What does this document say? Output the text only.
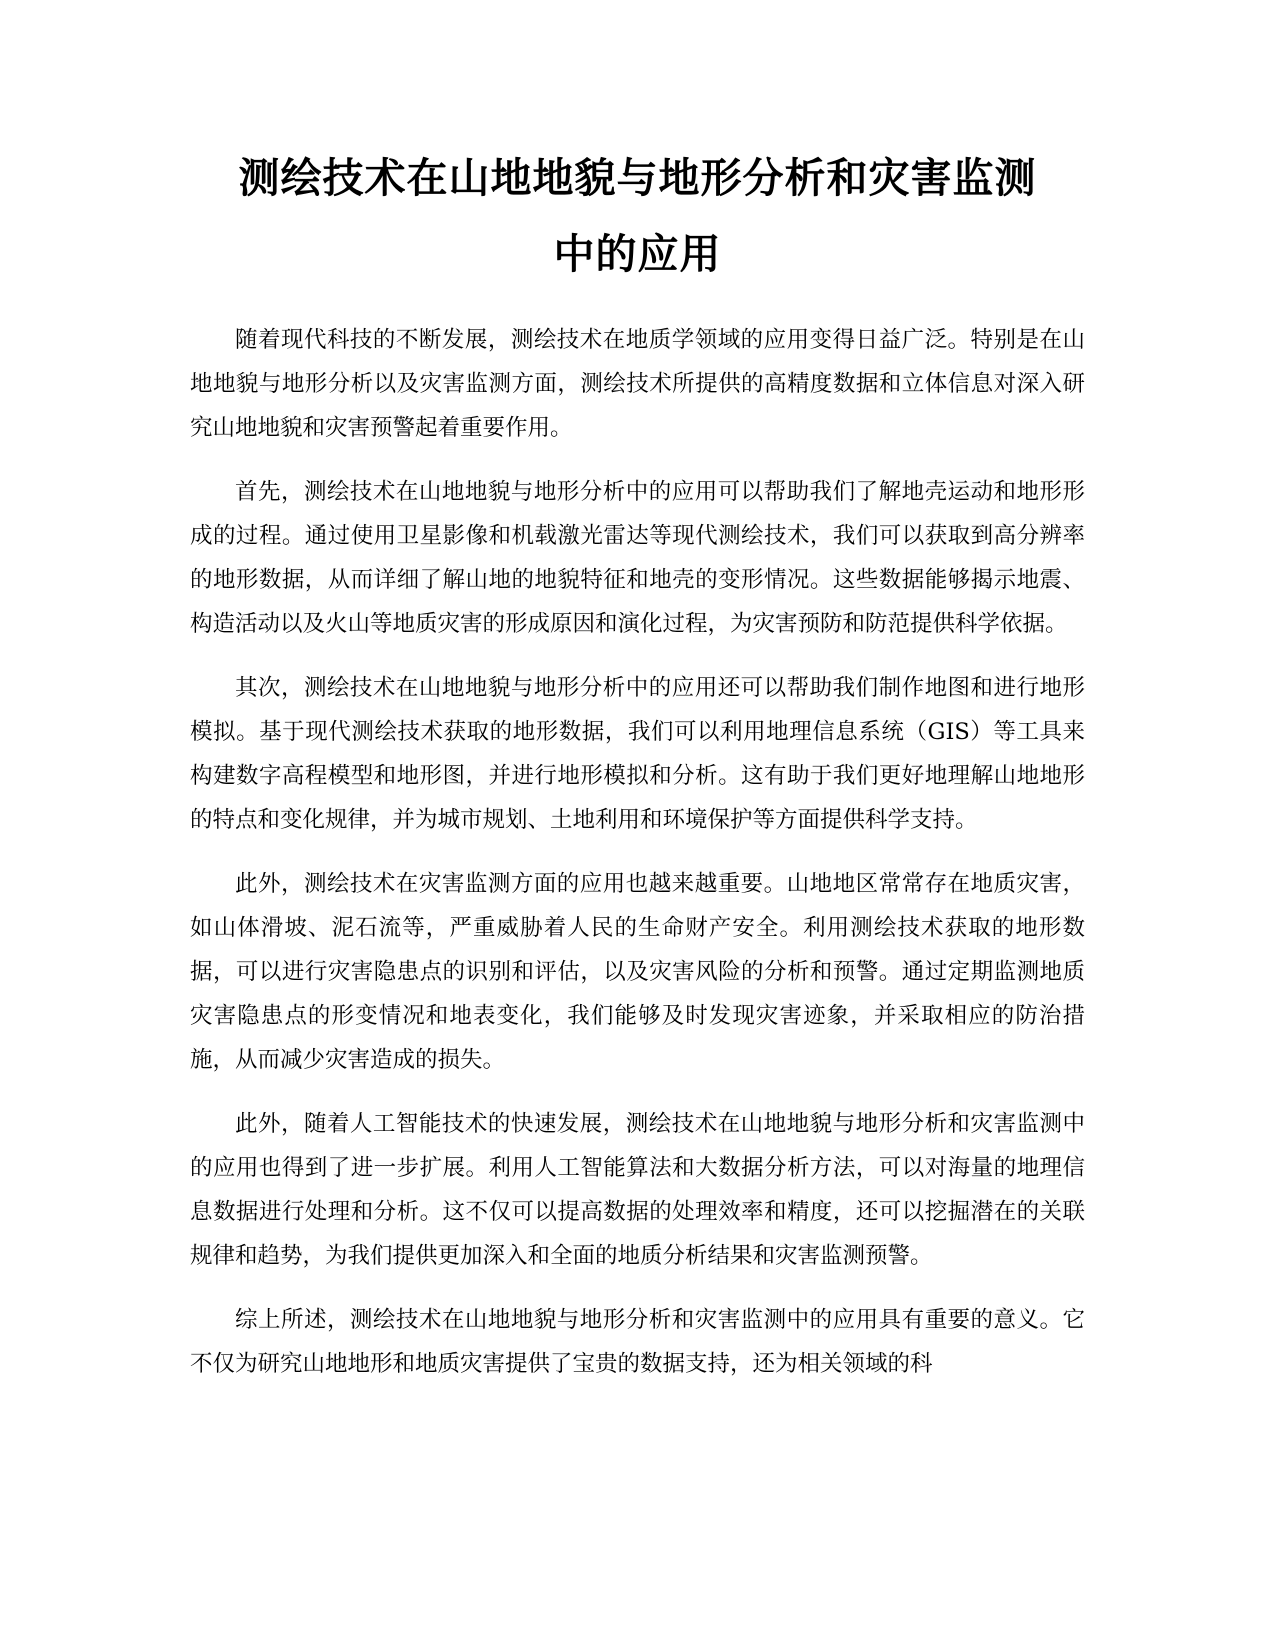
测绘技术在山地地貌与地形分析和灾害监测
中的应用

随着现代科技的不断发展，测绘技术在地质学领域的应用变得日益广泛。特别是在山地地貌与地形分析以及灾害监测方面，测绘技术所提供的高精度数据和立体信息对深入研究山地地貌和灾害预警起着重要作用。

首先，测绘技术在山地地貌与地形分析中的应用可以帮助我们了解地壳运动和地形形成的过程。通过使用卫星影像和机载激光雷达等现代测绘技术，我们可以获取到高分辨率的地形数据，从而详细了解山地的地貌特征和地壳的变形情况。这些数据能够揭示地震、构造活动以及火山等地质灾害的形成原因和演化过程，为灾害预防和防范提供科学依据。

其次，测绘技术在山地地貌与地形分析中的应用还可以帮助我们制作地图和进行地形模拟。基于现代测绘技术获取的地形数据，我们可以利用地理信息系统（GIS）等工具来构建数字高程模型和地形图，并进行地形模拟和分析。这有助于我们更好地理解山地地形的特点和变化规律，并为城市规划、土地利用和环境保护等方面提供科学支持。

此外，测绘技术在灾害监测方面的应用也越来越重要。山地地区常常存在地质灾害，如山体滑坡、泥石流等，严重威胁着人民的生命财产安全。利用测绘技术获取的地形数据，可以进行灾害隐患点的识别和评估，以及灾害风险的分析和预警。通过定期监测地质灾害隐患点的形变情况和地表变化，我们能够及时发现灾害迹象，并采取相应的防治措施，从而减少灾害造成的损失。

此外，随着人工智能技术的快速发展，测绘技术在山地地貌与地形分析和灾害监测中的应用也得到了进一步扩展。利用人工智能算法和大数据分析方法，可以对海量的地理信息数据进行处理和分析。这不仅可以提高数据的处理效率和精度，还可以挖掘潜在的关联规律和趋势，为我们提供更加深入和全面的地质分析结果和灾害监测预警。

综上所述，测绘技术在山地地貌与地形分析和灾害监测中的应用具有重要的意义。它不仅为研究山地地形和地质灾害提供了宝贵的数据支持，还为相关领域的科
